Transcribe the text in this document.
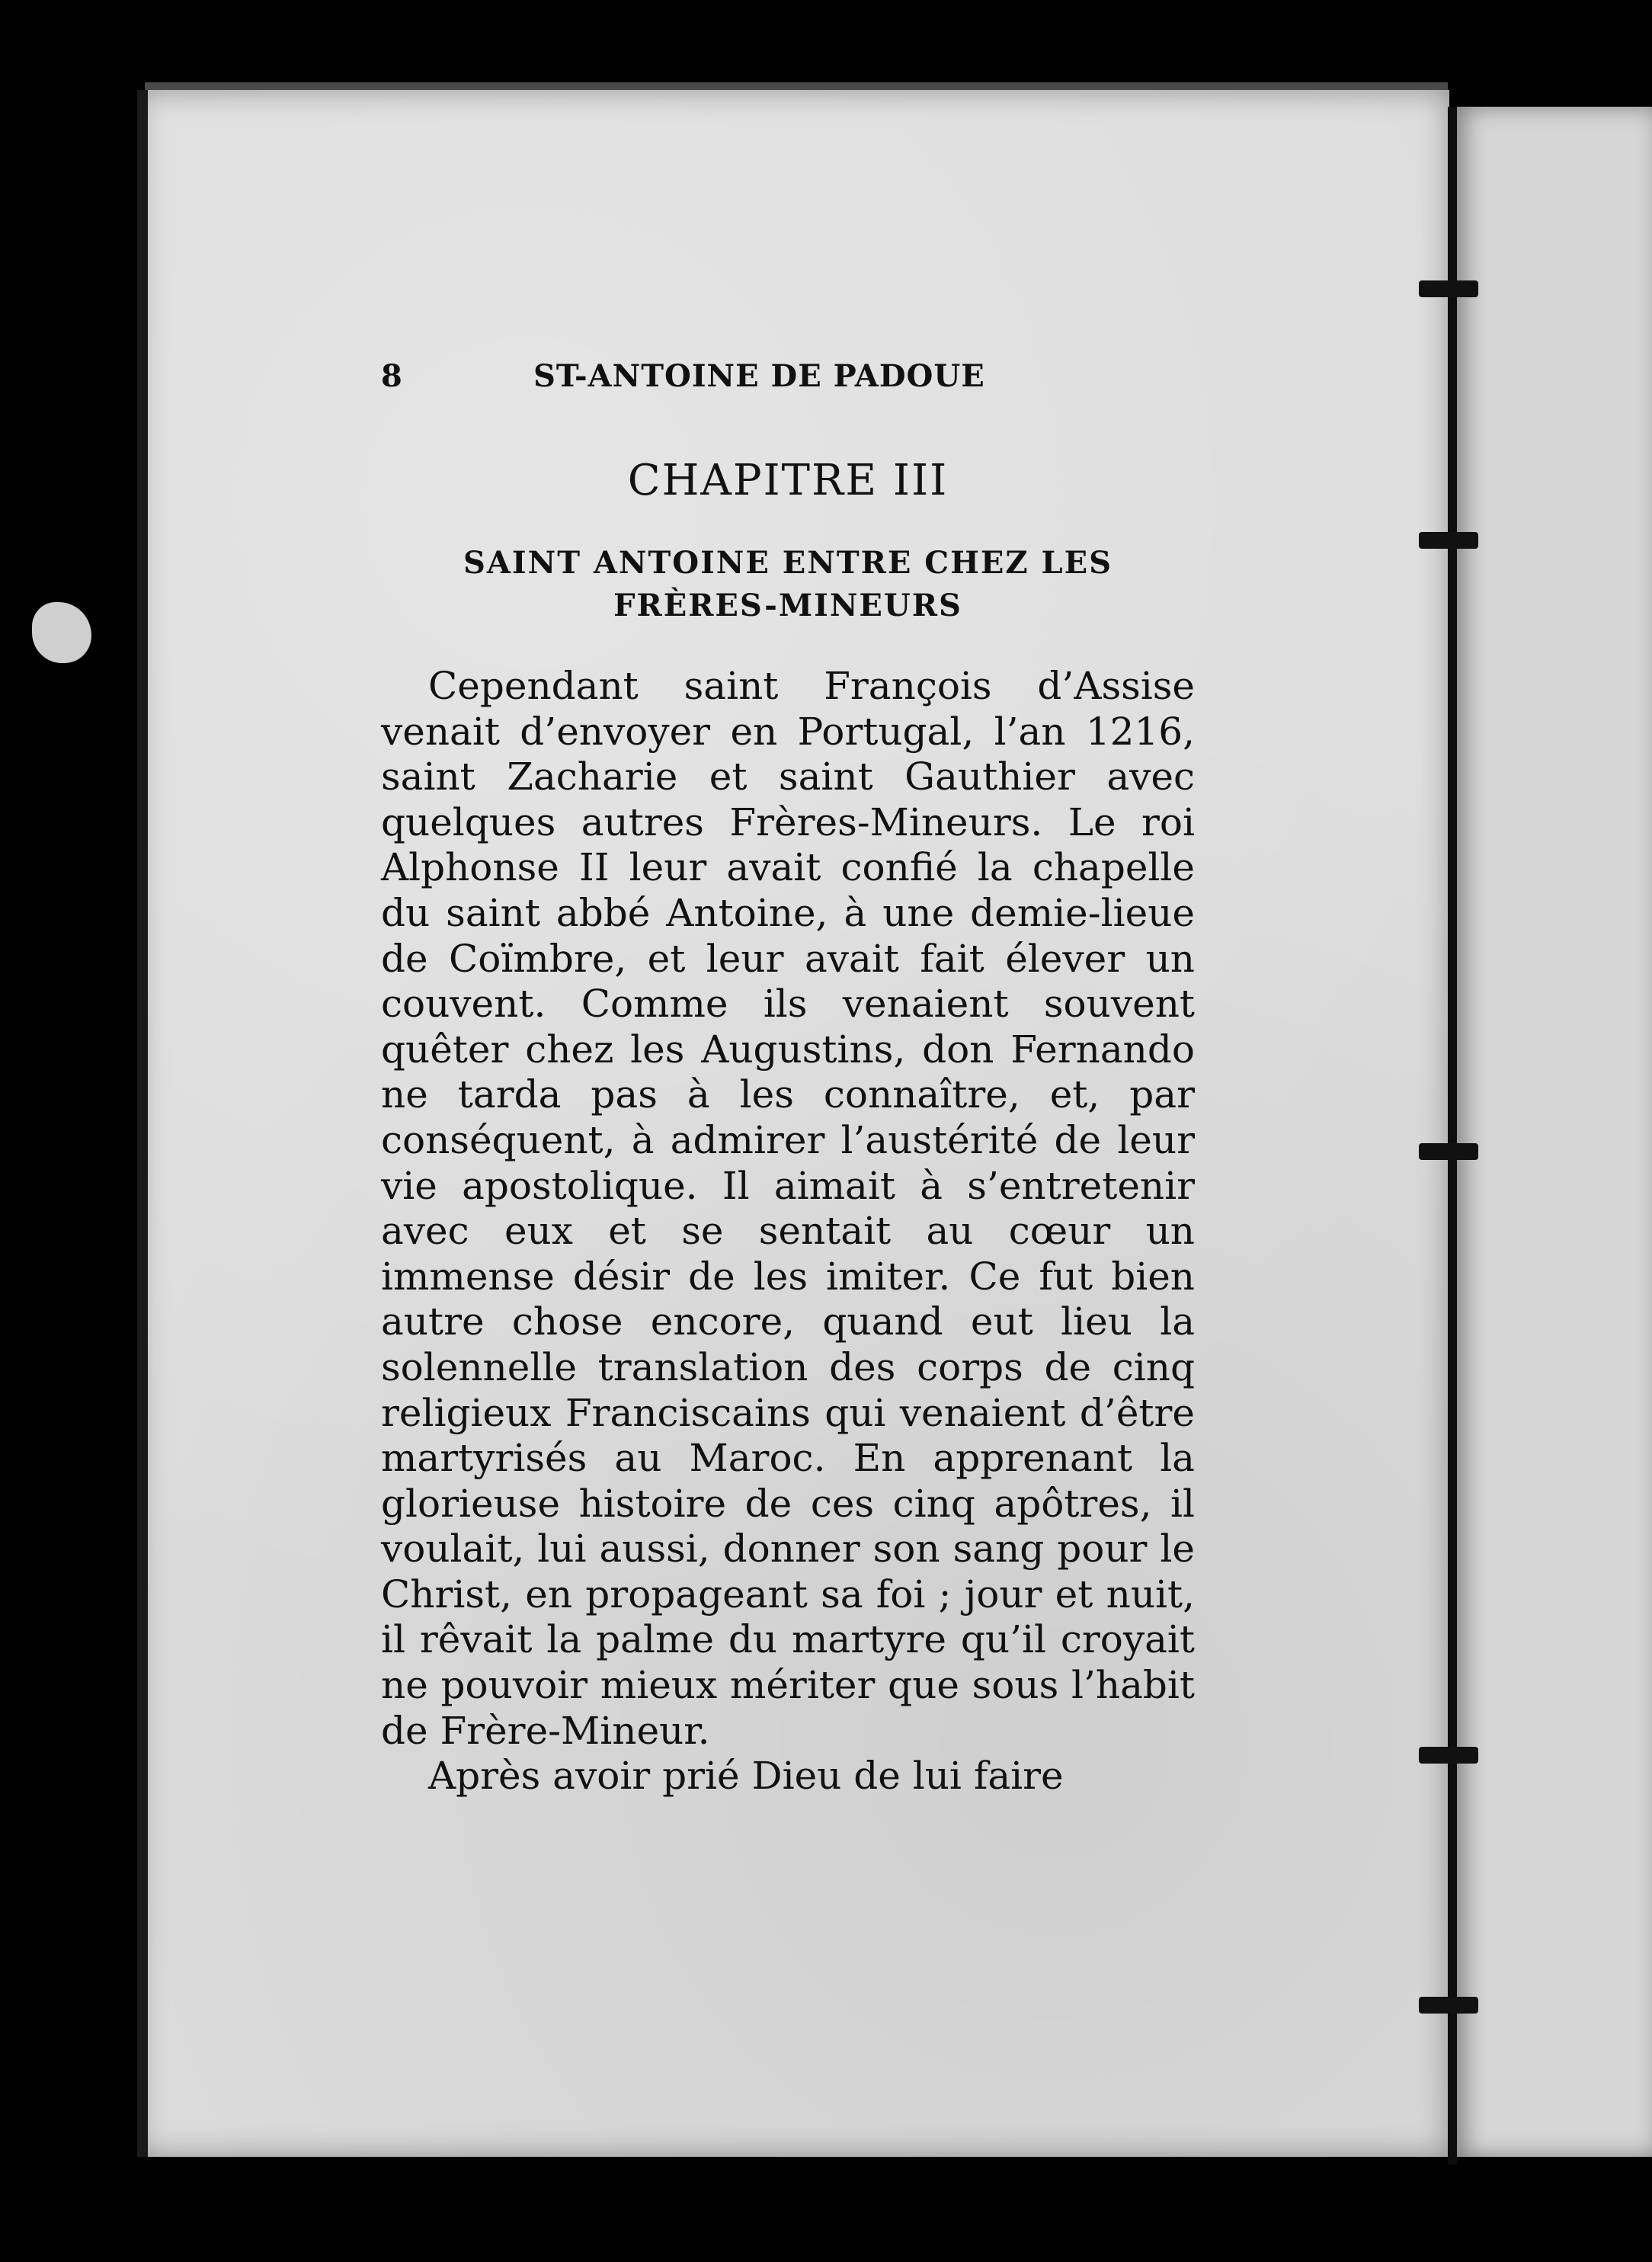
8	ST-ANTOINE DE PADOUE
CHAPITRE III
SAINT ANTOINE ENTRE CHEZ LES
FRÈRES-MINEURS

Cependant saint François d’Assise venait d’envoyer en Portugal, l’an 1216, saint Zacharie et saint Gauthier avec quelques autres Frères-Mineurs. Le roi Alphonse II leur avait confié la chapelle du saint abbé Antoine, à une demie-lieue de Coïmbre, et leur avait fait élever un couvent. Comme ils venaient souvent quêter chez les Augustins, don Fernando ne tarda pas à les connaître, et, par conséquent, à admirer l’austérité de leur vie apostolique. Il aimait à s’entretenir avec eux et se sentait au cœur un immense désir de les imiter. Ce fut bien autre chose encore, quand eut lieu la solennelle translation des corps de cinq religieux Franciscains qui venaient d’être martyrisés au Maroc. En apprenant la glorieuse histoire de ces cinq apôtres, il voulait, lui aussi, donner son sang pour le Christ, en propageant sa foi ; jour et nuit, il rêvait la palme du martyre qu’il croyait ne pouvoir mieux mériter que sous l’habit de Frère-Mineur.

Après avoir prié Dieu de lui faire
